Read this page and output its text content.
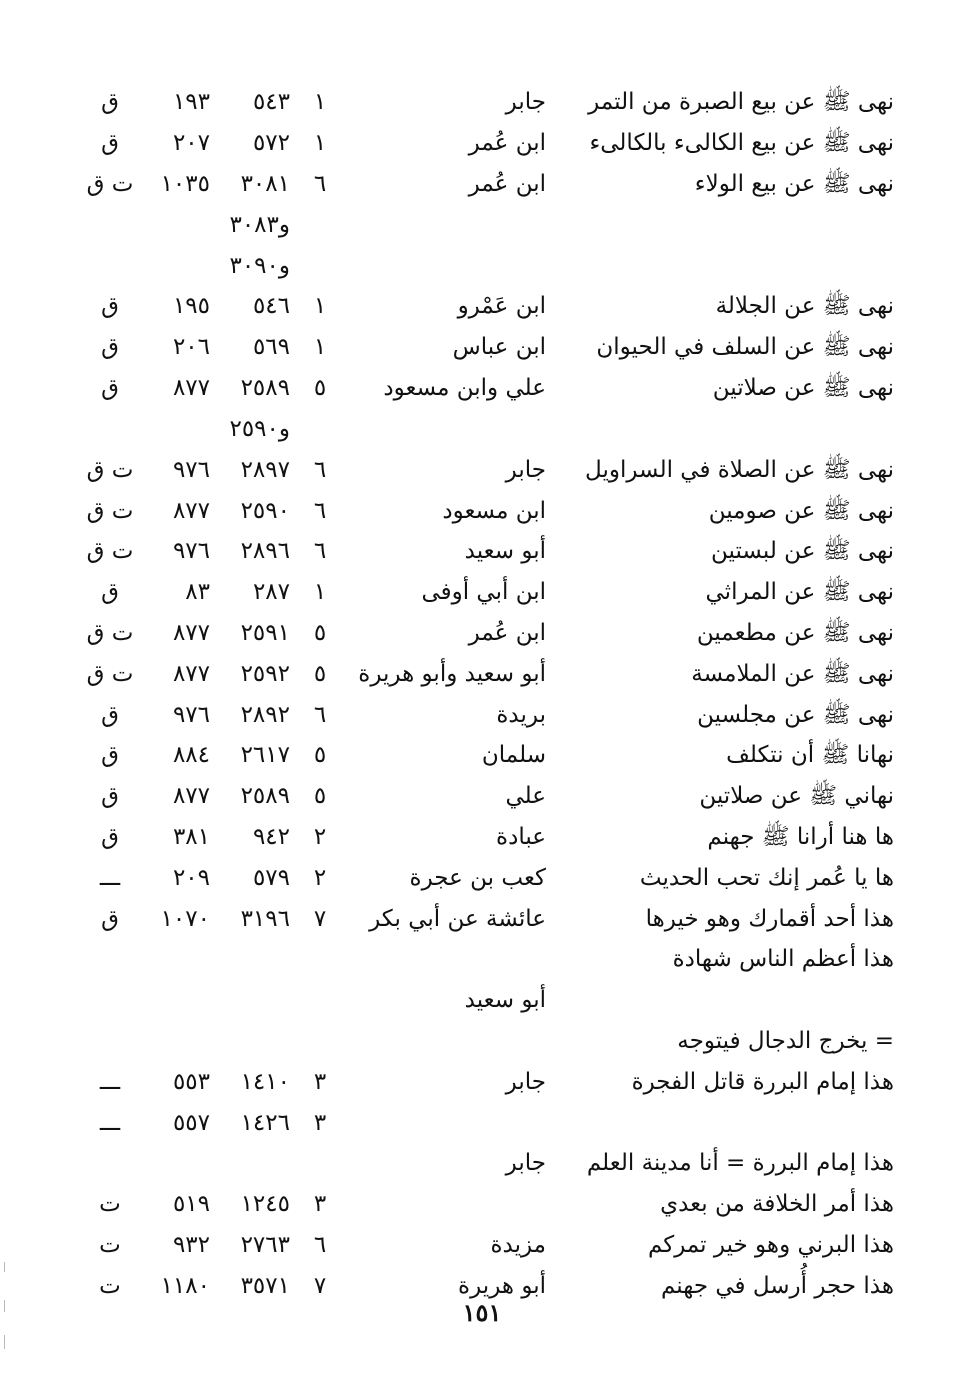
نهى ﷺ عن بيع الصبرة من التمر
جابر
١
٥٤٣
١٩٣
ق
نهى ﷺ عن بيع الكالىء بالكالىء
ابن عُمر
١
٥٧٢
٢٠٧
ق
نهى ﷺ عن بيع الولاء
ابن عُمر
٦
٣٠٨١
١٠٣٥
ت ق
و٣٠٨٣
و٣٠٩٠
نهى ﷺ عن الجلالة
ابن عَمْرو
١
٥٤٦
١٩٥
ق
نهى ﷺ عن السلف في الحيوان
ابن عباس
١
٥٦٩
٢٠٦
ق
نهى ﷺ عن صلاتين
علي وابن مسعود
٥
٢٥٨٩
٨٧٧
ق
و٢٥٩٠
نهى ﷺ عن الصلاة في السراويل
جابر
٦
٢٨٩٧
٩٧٦
ت ق
نهى ﷺ عن صومين
ابن مسعود
٦
٢٥٩٠
٨٧٧
ت ق
نهى ﷺ عن لبستين
أبو سعيد
٦
٢٨٩٦
٩٧٦
ت ق
نهى ﷺ عن المراثي
ابن أبي أوفى
١
٢٨٧
٨٣
ق
نهى ﷺ عن مطعمين
ابن عُمر
٥
٢٥٩١
٨٧٧
ت ق
نهى ﷺ عن الملامسة
أبو سعيد وأبو هريرة
٥
٢٥٩٢
٨٧٧
ت ق
نهى ﷺ عن مجلسين
بريدة
٦
٢٨٩٢
٩٧٦
ق
نهانا ﷺ أن نتكلف
سلمان
٥
٢٦١٧
٨٨٤
ق
نهاني ﷺ عن صلاتين
علي
٥
٢٥٨٩
٨٧٧
ق
ها هنا أرانا ﷺ جهنم
عبادة
٢
٩٤٢
٣٨١
ق
ها يا عُمر إنك تحب الحديث
كعب بن عجرة
٢
٥٧٩
٢٠٩
ـــ
هذا أحد أقمارك وهو خيرها
عائشة عن أبي بكر
٧
٣١٩٦
١٠٧٠
ق
هذا أعظم الناس شهادة
أبو سعيد
= يخرج الدجال فيتوجه
هذا إمام البررة قاتل الفجرة
جابر
٣
١٤١٠
٥٥٣
ـــ
٣
١٤٢٦
٥٥٧
ـــ
هذا إمام البررة = أنا مدينة العلم
جابر
هذا أمر الخلافة من بعدي
٣
١٢٤٥
٥١٩
ت
هذا البرني وهو خير تمركم
مزيدة
٦
٢٧٦٣
٩٣٢
ت
هذا حجر أُرسل في جهنم
أبو هريرة
٧
٣٥٧١
١١٨٠
ت
١٥١
